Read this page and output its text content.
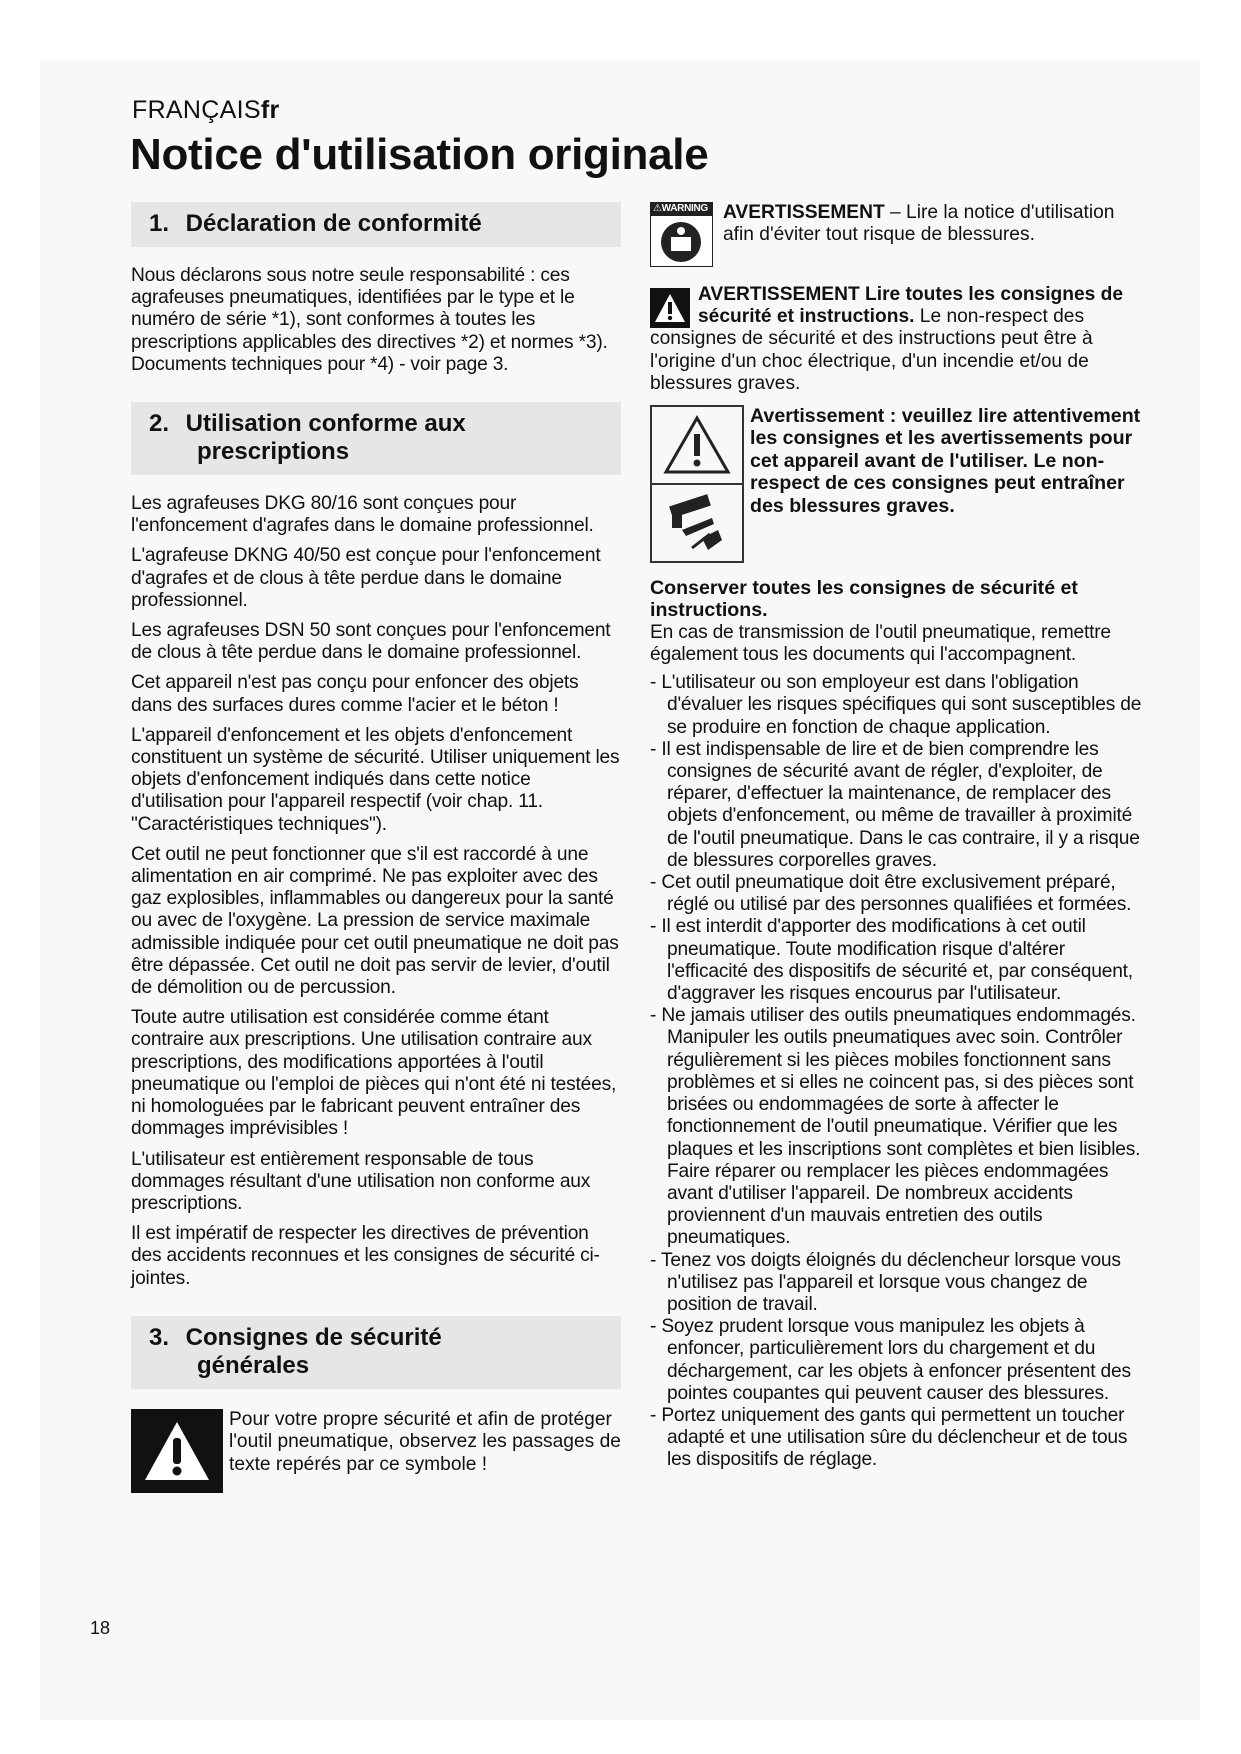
FRANÇAISfr
Notice d'utilisation originale
1. Déclaration de conformité

Nous déclarons sous notre seule responsabilité : ces agrafeuses pneumatiques, identifiées par le type et le numéro de série *1), sont conformes à toutes les prescriptions applicables des directives *2) et normes *3). Documents techniques pour *4) - voir page 3.

2. Utilisation conforme aux
prescriptions

Les agrafeuses DKG 80/16 sont conçues pour l'enfoncement d'agrafes dans le domaine professionnel.

L'agrafeuse DKNG 40/50 est conçue pour l'enfoncement d'agrafes et de clous à tête perdue dans le domaine professionnel.

Les agrafeuses DSN 50 sont conçues pour l'enfoncement de clous à tête perdue dans le domaine professionnel.

Cet appareil n'est pas conçu pour enfoncer des objets dans des surfaces dures comme l'acier et le béton !

L'appareil d'enfoncement et les objets d'enfoncement constituent un système de sécurité. Utiliser uniquement les objets d'enfoncement indiqués dans cette notice d'utilisation pour l'appareil respectif (voir chap. 11. "Caractéristiques techniques").

Cet outil ne peut fonctionner que s'il est raccordé à une alimentation en air comprimé. Ne pas exploiter avec des gaz explosibles, inflammables ou dangereux pour la santé ou avec de l'oxygène. La pression de service maximale admissible indiquée pour cet outil pneumatique ne doit pas être dépassée. Cet outil ne doit pas servir de levier, d'outil de démolition ou de percussion.

Toute autre utilisation est considérée comme étant contraire aux prescriptions. Une utilisation contraire aux prescriptions, des modifications apportées à l'outil pneumatique ou l'emploi de pièces qui n'ont été ni testées, ni homologuées par le fabricant peuvent entraîner des dommages imprévisibles !

L'utilisateur est entièrement responsable de tous dommages résultant d'une utilisation non conforme aux prescriptions.

Il est impératif de respecter les directives de prévention des accidents reconnues et les consignes de sécurité ci-jointes.

3. Consignes de sécurité
générales

Pour votre propre sécurité et afin de protéger l'outil pneumatique, observez les passages de texte repérés par ce symbole !

⚠WARNING AVERTISSEMENT – Lire la notice d'utilisation afin d'éviter tout risque de blessures.

AVERTISSEMENT Lire toutes les consignes de sécurité et instructions. Le non-respect des consignes de sécurité et des instructions peut être à l'origine d'un choc électrique, d'un incendie et/ou de blessures graves.

Avertissement : veuillez lire attentivement les consignes et les avertissements pour cet appareil avant de l'utiliser. Le non-respect de ces consignes peut entraîner des blessures graves.

Conserver toutes les consignes de sécurité et instructions.

En cas de transmission de l'outil pneumatique, remettre également tous les documents qui l'accompagnent.

- L'utilisateur ou son employeur est dans l'obligation d'évaluer les risques spécifiques qui sont susceptibles de se produire en fonction de chaque application.
- Il est indispensable de lire et de bien comprendre les consignes de sécurité avant de régler, d'exploiter, de réparer, d'effectuer la maintenance, de remplacer des objets d'enfoncement, ou même de travailler à proximité de l'outil pneumatique. Dans le cas contraire, il y a risque de blessures corporelles graves.
- Cet outil pneumatique doit être exclusivement préparé, réglé ou utilisé par des personnes qualifiées et formées.
- Il est interdit d'apporter des modifications à cet outil pneumatique. Toute modification risque d'altérer l'efficacité des dispositifs de sécurité et, par conséquent, d'aggraver les risques encourus par l'utilisateur.
- Ne jamais utiliser des outils pneumatiques endommagés. Manipuler les outils pneumatiques avec soin. Contrôler régulièrement si les pièces mobiles fonctionnent sans problèmes et si elles ne coincent pas, si des pièces sont brisées ou endommagées de sorte à affecter le fonctionnement de l'outil pneumatique. Vérifier que les plaques et les inscriptions sont complètes et bien lisibles. Faire réparer ou remplacer les pièces endommagées avant d'utiliser l'appareil. De nombreux accidents proviennent d'un mauvais entretien des outils pneumatiques.
- Tenez vos doigts éloignés du déclencheur lorsque vous n'utilisez pas l'appareil et lorsque vous changez de position de travail.
- Soyez prudent lorsque vous manipulez les objets à enfoncer, particulièrement lors du chargement et du déchargement, car les objets à enfoncer présentent des pointes coupantes qui peuvent causer des blessures.
- Portez uniquement des gants qui permettent un toucher adapté et une utilisation sûre du déclencheur et de tous les dispositifs de réglage.
18
